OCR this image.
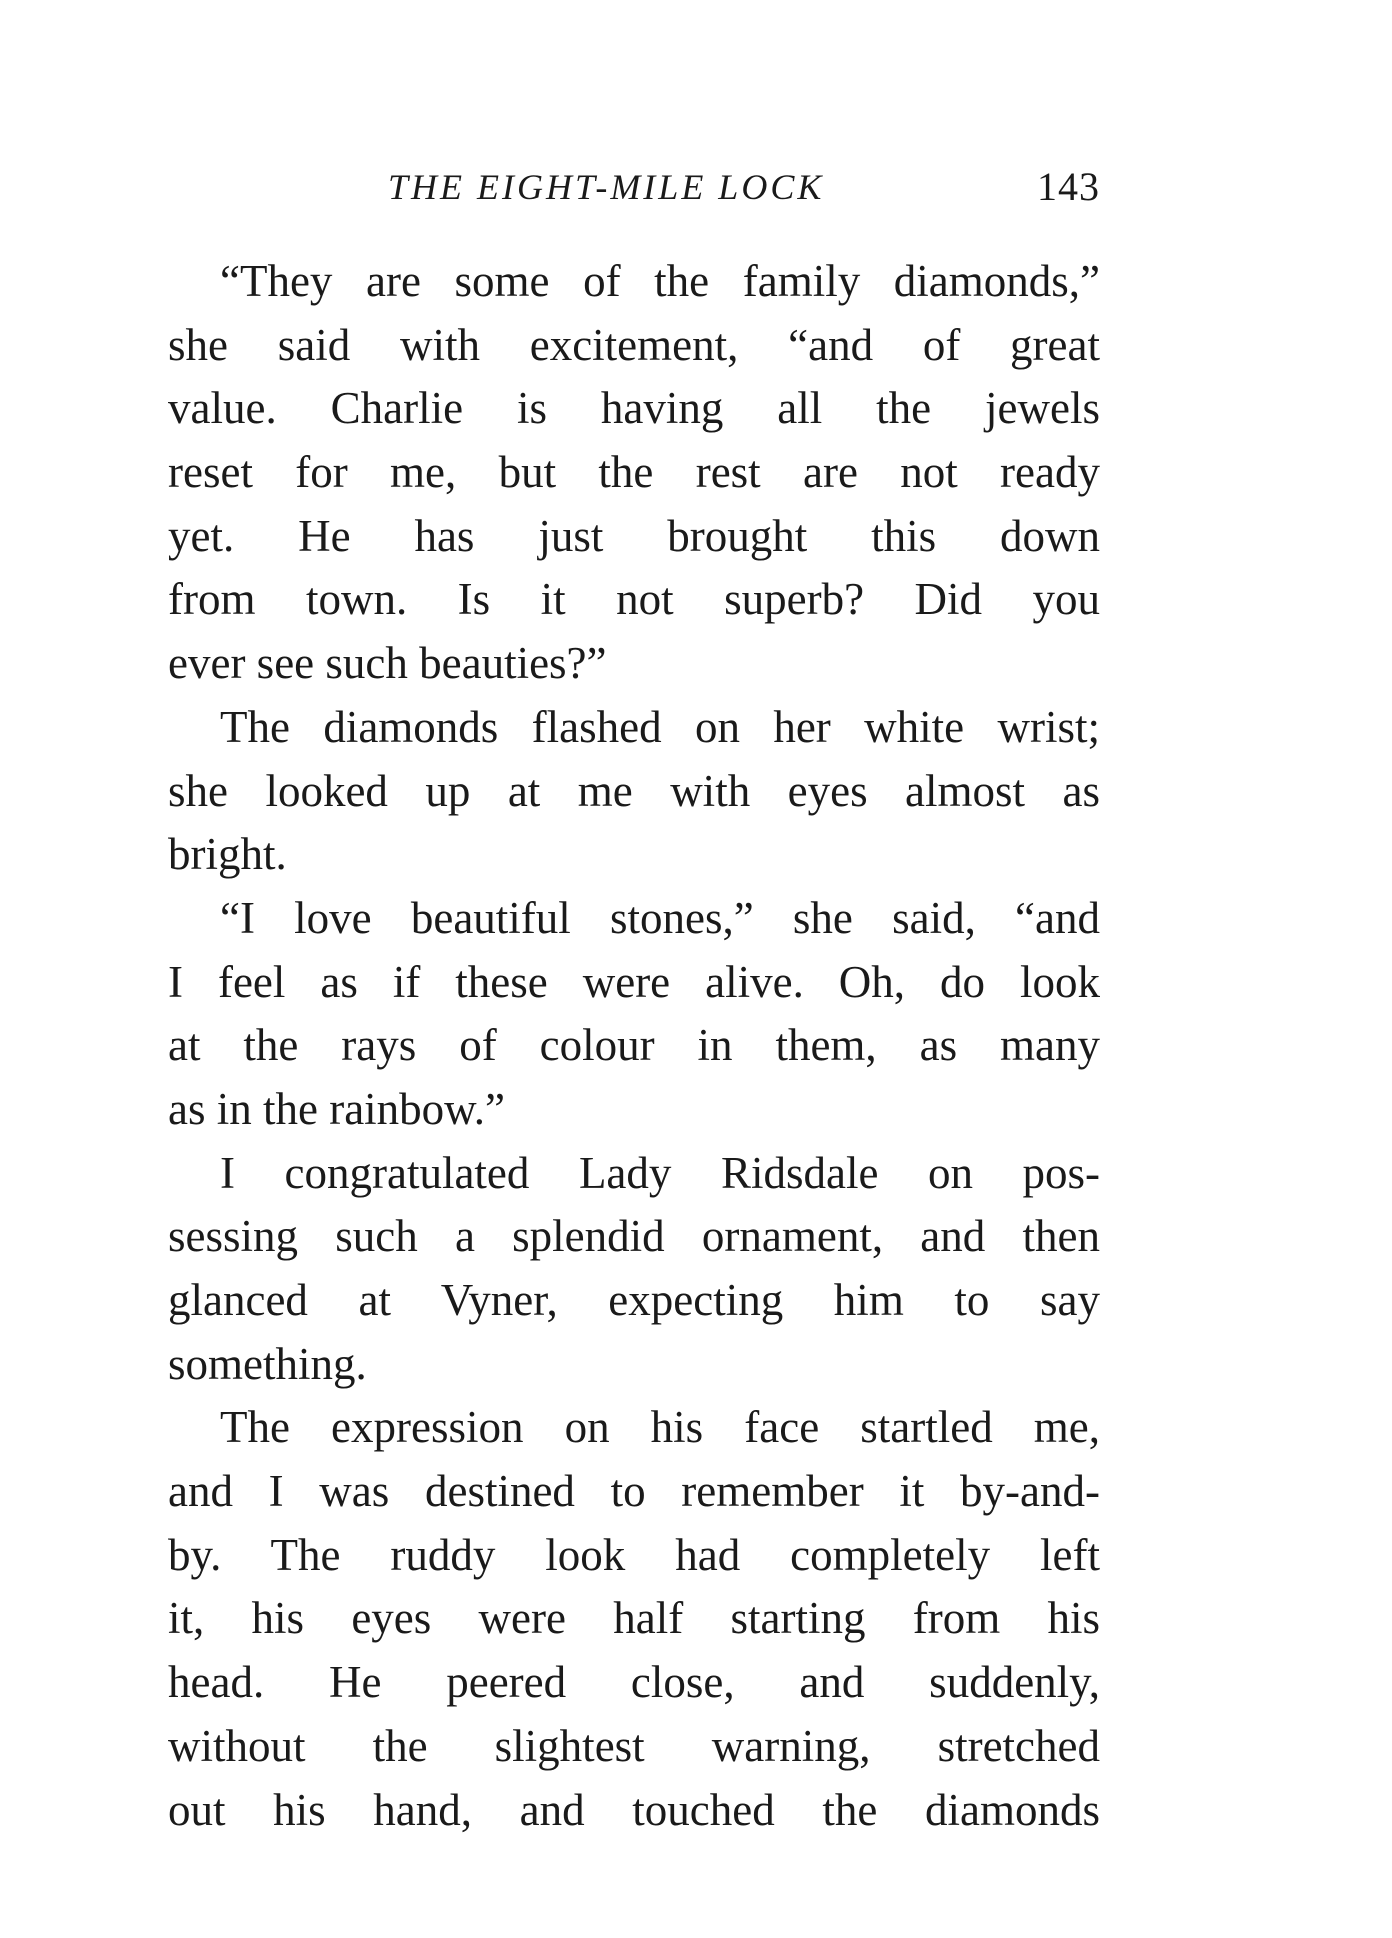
THE EIGHT-MILE LOCK	143
“They are some of the family diamonds,”
she said with excitement, “and of great
value. Charlie is having all the jewels
reset for me, but the rest are not ready
yet. He has just brought this down
from town. Is it not superb? Did you
ever see such beauties?”
The diamonds flashed on her white wrist;
she looked up at me with eyes almost as
bright.
“I love beautiful stones,” she said, “and
I feel as if these were alive. Oh, do look
at the rays of colour in them, as many
as in the rainbow.”
I congratulated Lady Ridsdale on pos-
sessing such a splendid ornament, and then
glanced at Vyner, expecting him to say
something.
The expression on his face startled me,
and I was destined to remember it by-and-
by. The ruddy look had completely left
it, his eyes were half starting from his
head. He peered close, and suddenly,
without the slightest warning, stretched
out his hand, and touched the diamonds
